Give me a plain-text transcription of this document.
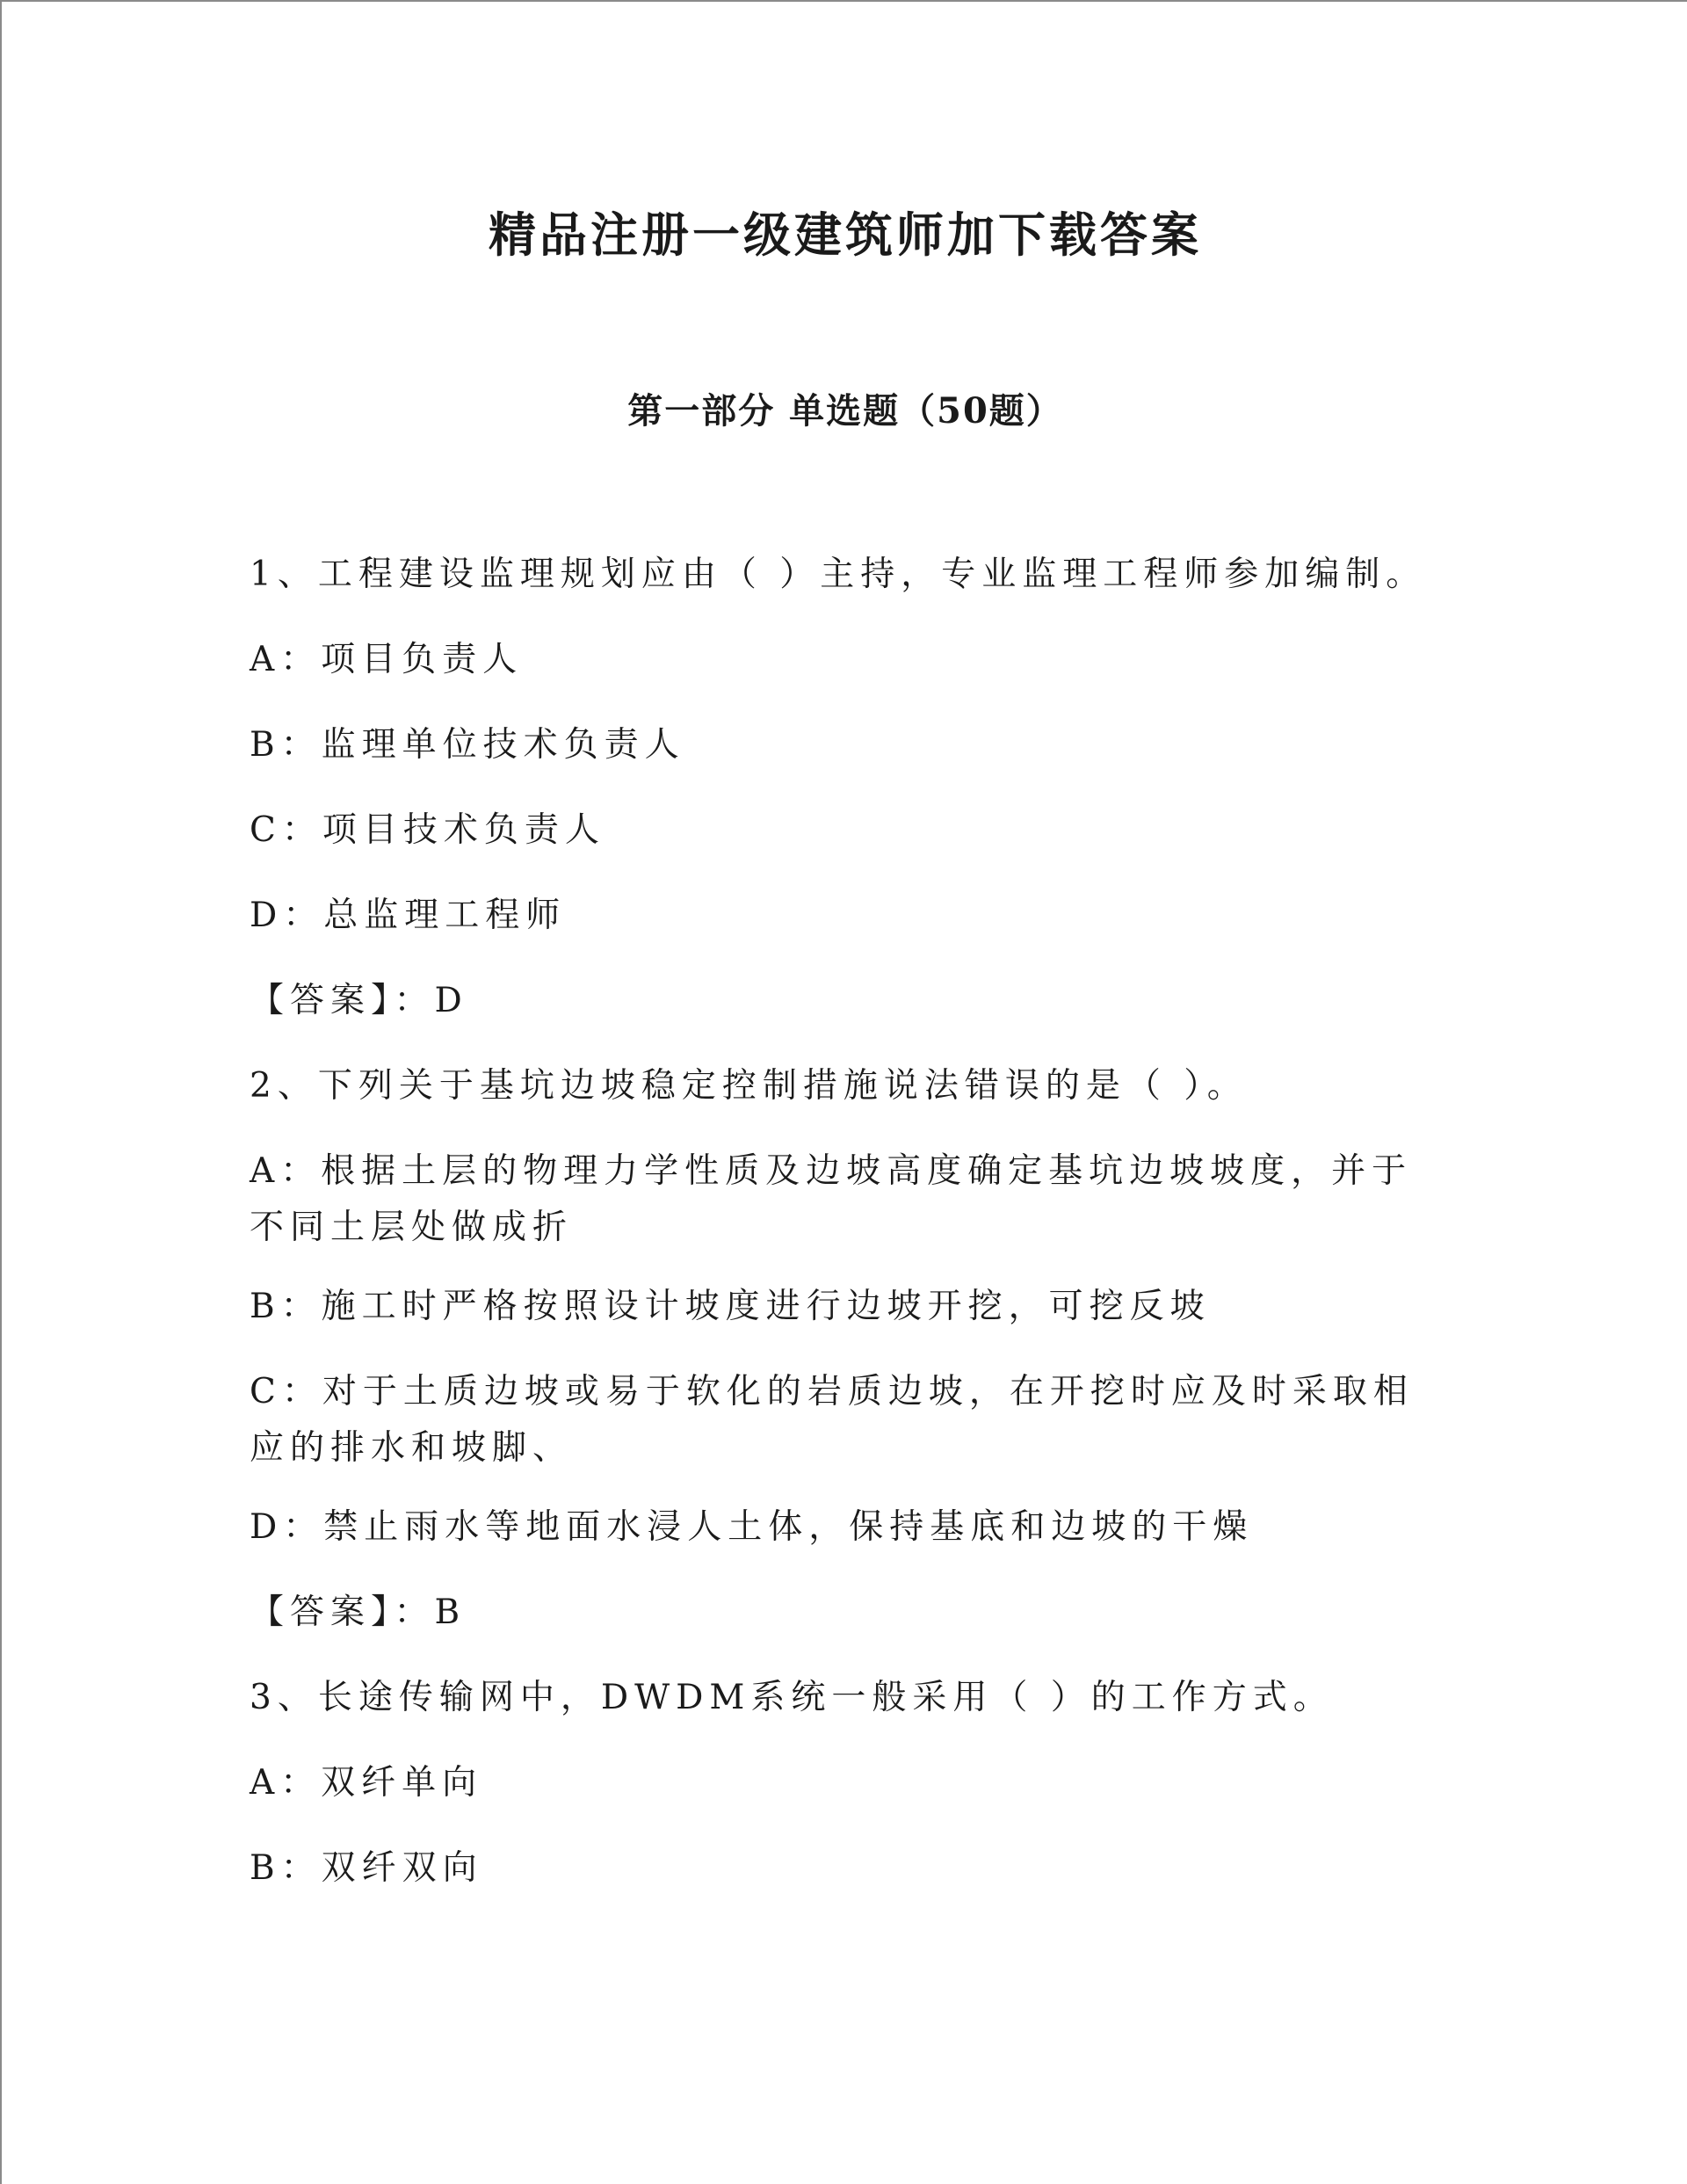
精品注册一级建筑师加下载答案
第一部分 单选题（50题）

1、工程建设监理规划应由（ ）主持，专业监理工程师参加编制。

A：项目负责人

B：监理单位技术负责人

C：项目技术负责人

D：总监理工程师

【答案】：D

2、下列关于基坑边坡稳定控制措施说法错误的是（ ）。

A：根据土层的物理力学性质及边坡高度确定基坑边坡坡度，并于不同土层处做成折

B：施工时严格按照设计坡度进行边坡开挖，可挖反坡

C：对于土质边坡或易于软化的岩质边坡，在开挖时应及时采取相应的排水和坡脚、

D：禁止雨水等地面水浸人土体，保持基底和边坡的干燥

【答案】：B

3、长途传输网中，DWDM系统一般采用（ ）的工作方式。

A：双纤单向

B：双纤双向
